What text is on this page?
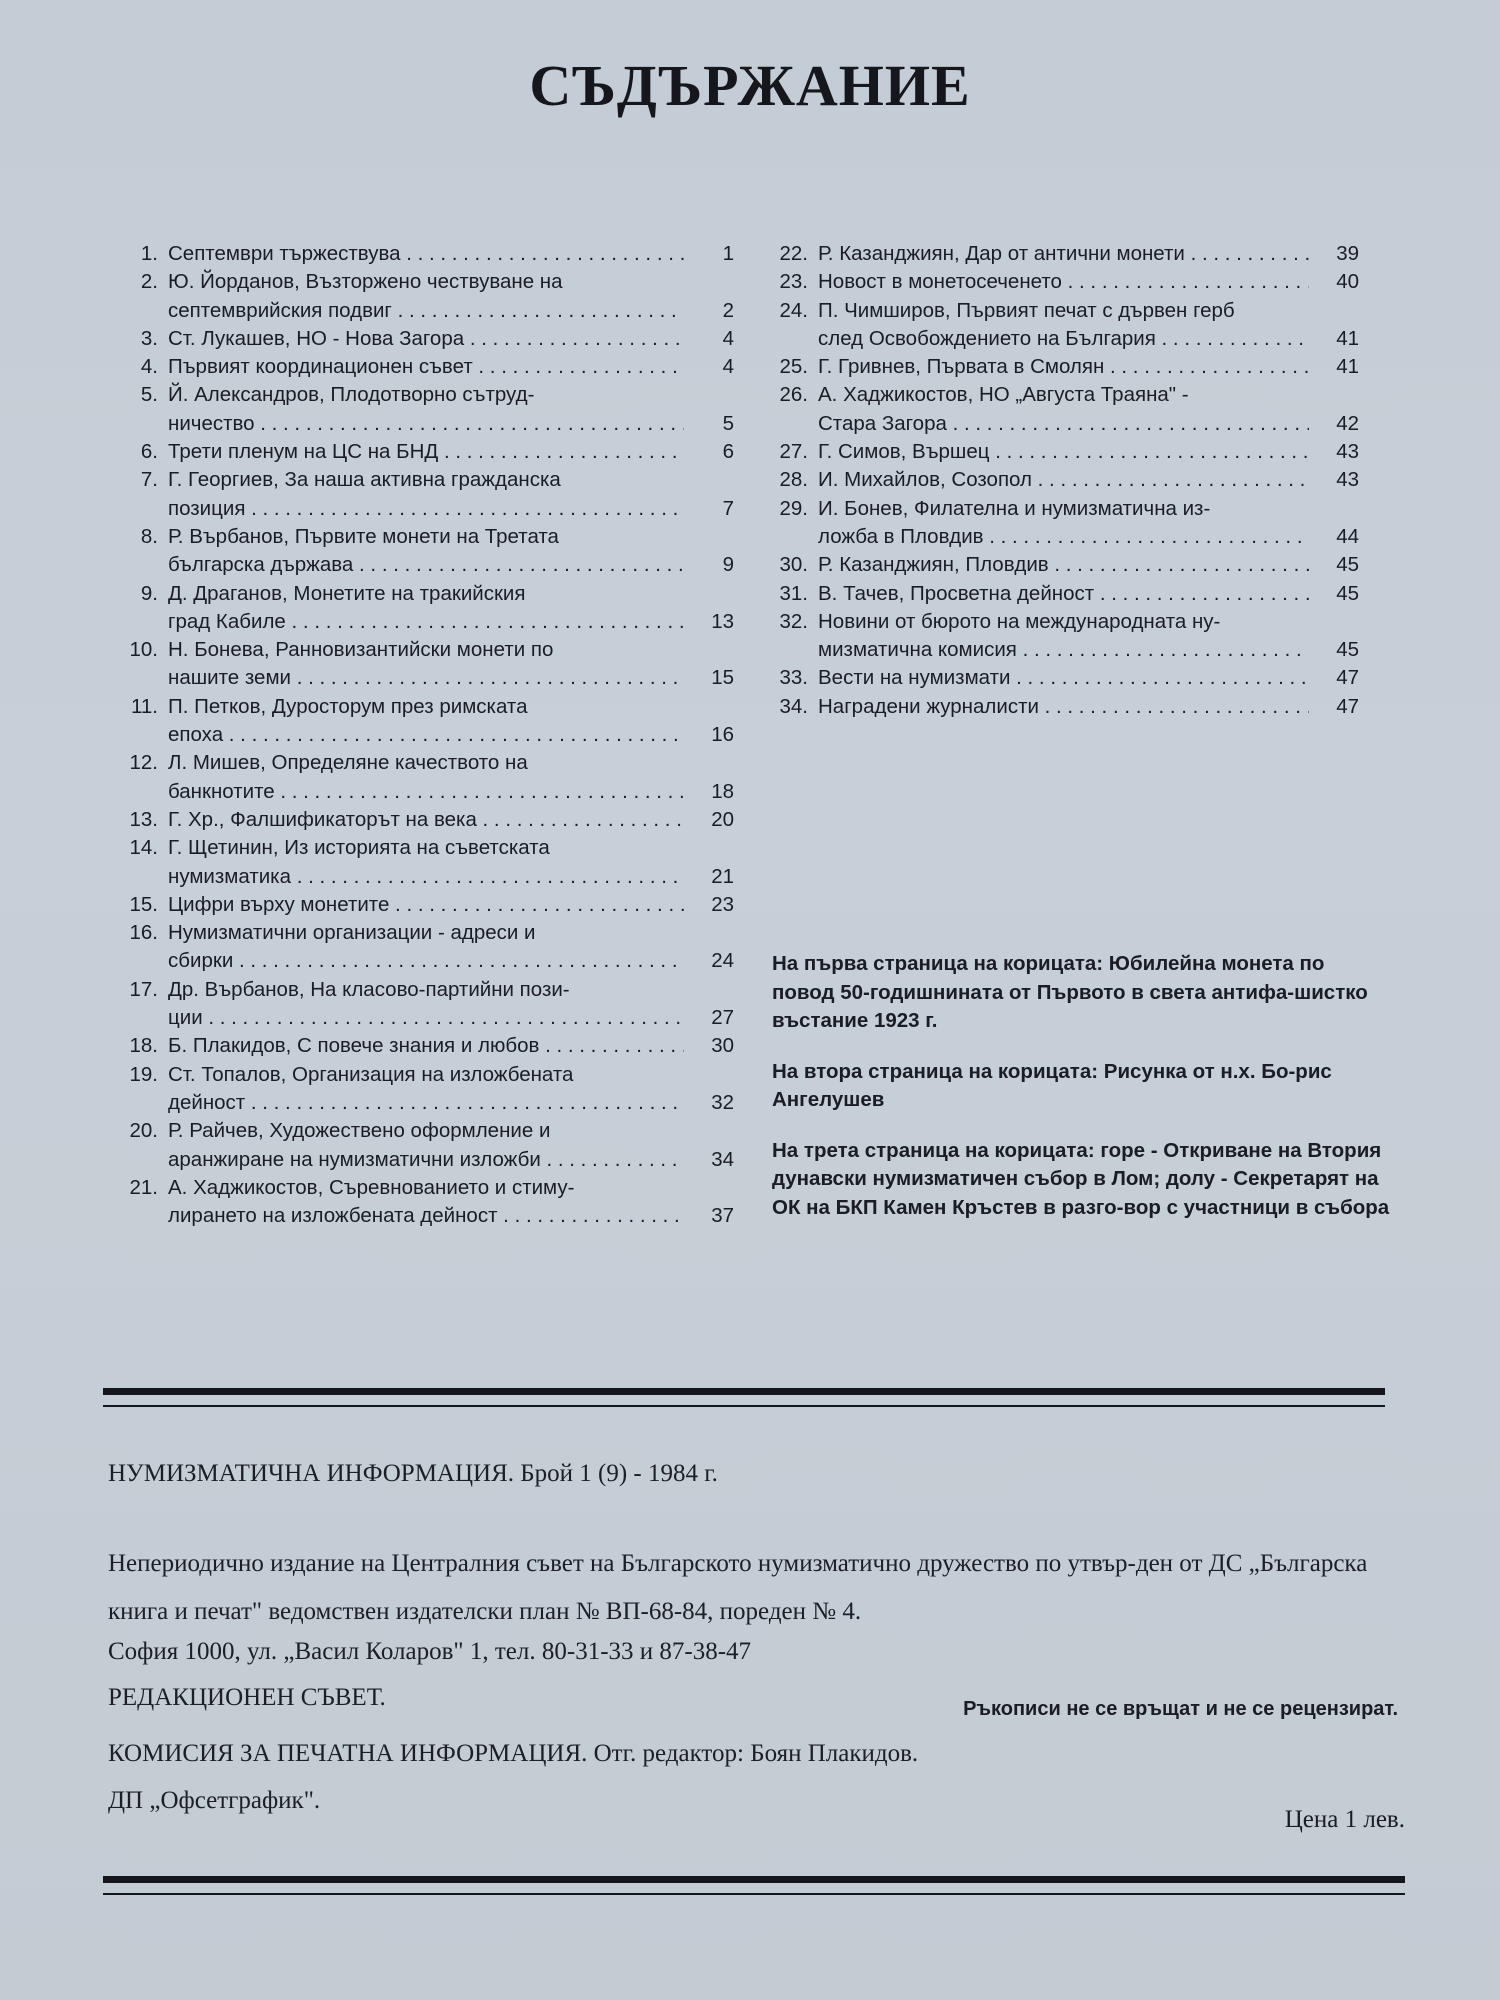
СЪДЪРЖАНИЕ
1. Септември тържествува . . .	1
2. Ю. Йорданов, Възторжено чествуване на
септемврийския подвиг . . .	2
3. Ст. Лукашев, НО - Нова Загора . . .	4
4. Първият координационен съвет . . .	4
5. Й. Александров, Плодотворно сътруд-
ничество . . .	5
6. Трети пленум на ЦС на БНД . . .	6
7. Г. Георгиев, За наша активна гражданска
позиция . . .	7
8. Р. Върбанов, Първите монети на Третата
българска държава . . .	9
9. Д. Драганов, Монетите на тракийския
град Кабиле . . .	13
10. Н. Бонева, Ранновизантийски монети по
нашите земи . . .	15
11. П. Петков, Дуросторум през римската
епоха . . .	16
12. Л. Мишев, Определяне качеството на
банкнотите . . .	18
13. Г. Хр., Фалшификаторът на века . . .	20
14. Г. Щетинин, Из историята на съветската
нумизматика . . .	21
15. Цифри върху монетите . . .	23
16. Нумизматични организации - адреси и
сбирки . . .	24
17. Др. Върбанов, На класово-партийни пози-
ции . . .	27
18. Б. Плакидов, С повече знания и любов . . .	30
19. Ст. Топалов, Организация на изложбената
дейност . . .	32
20. Р. Райчев, Художествено оформление и
аранжиране на нумизматични изложби . . .	34
21. А. Хаджикостов, Съревнованието и стиму-
лирането на изложбената дейност . . .	37
22. Р. Казанджиян, Дар от антични монети . . .	39
23. Новост в монетосеченето . . .	40
24. П. Чимширов, Първият печат с дървен герб
след Освобождението на България . . .	41
25. Г. Гривнев, Първата в Смолян . . .	41
26. А. Хаджикостов, НО „Августа Траяна" -
Стара Загора . . .	42
27. Г. Симов, Вършец . . .	43
28. И. Михайлов, Созопол . . .	43
29. И. Бонев, Филателна и нумизматична из-
ложба в Пловдив . . .	44
30. Р. Казанджиян, Пловдив . . .	45
31. В. Тачев, Просветна дейност . . .	45
32. Новини от бюрото на международната ну-
мизматична комисия . . .	45
33. Вести на нумизмати . . .	47
34. Наградени журналисти . . .	47

На първа страница на корицата: Юбилейна монета по повод 50-годишнината от Първото в света антифа-шистко въстание 1923 г.

На втора страница на корицата: Рисунка от н.х. Бо-рис Ангелушев

На трета страница на корицата: горе - Откриване на Втория дунавски нумизматичен събор в Лом; долу - Секретарят на ОК на БКП Камен Кръстев в разго-вор с участници в събора

НУМИЗМАТИЧНА ИНФОРМАЦИЯ. Брой 1 (9) - 1984 г.
Непериодично издание на Централния съвет на Българското нумизматично дружество по утвър-ден от ДС „Българска книга и печат" ведомствен издателски план № ВП-68-84, пореден № 4.
София 1000, ул. „Васил Коларов" 1, тел. 80-31-33 и 87-38-47
РЕДАКЦИОНЕН СЪВЕТ.	Ръкописи не се връщат и не се рецензират.
КОМИСИЯ ЗА ПЕЧАТНА ИНФОРМАЦИЯ. Отг. редактор: Боян Плакидов.
ДП „Офсетграфик".
Цена 1 лев.
